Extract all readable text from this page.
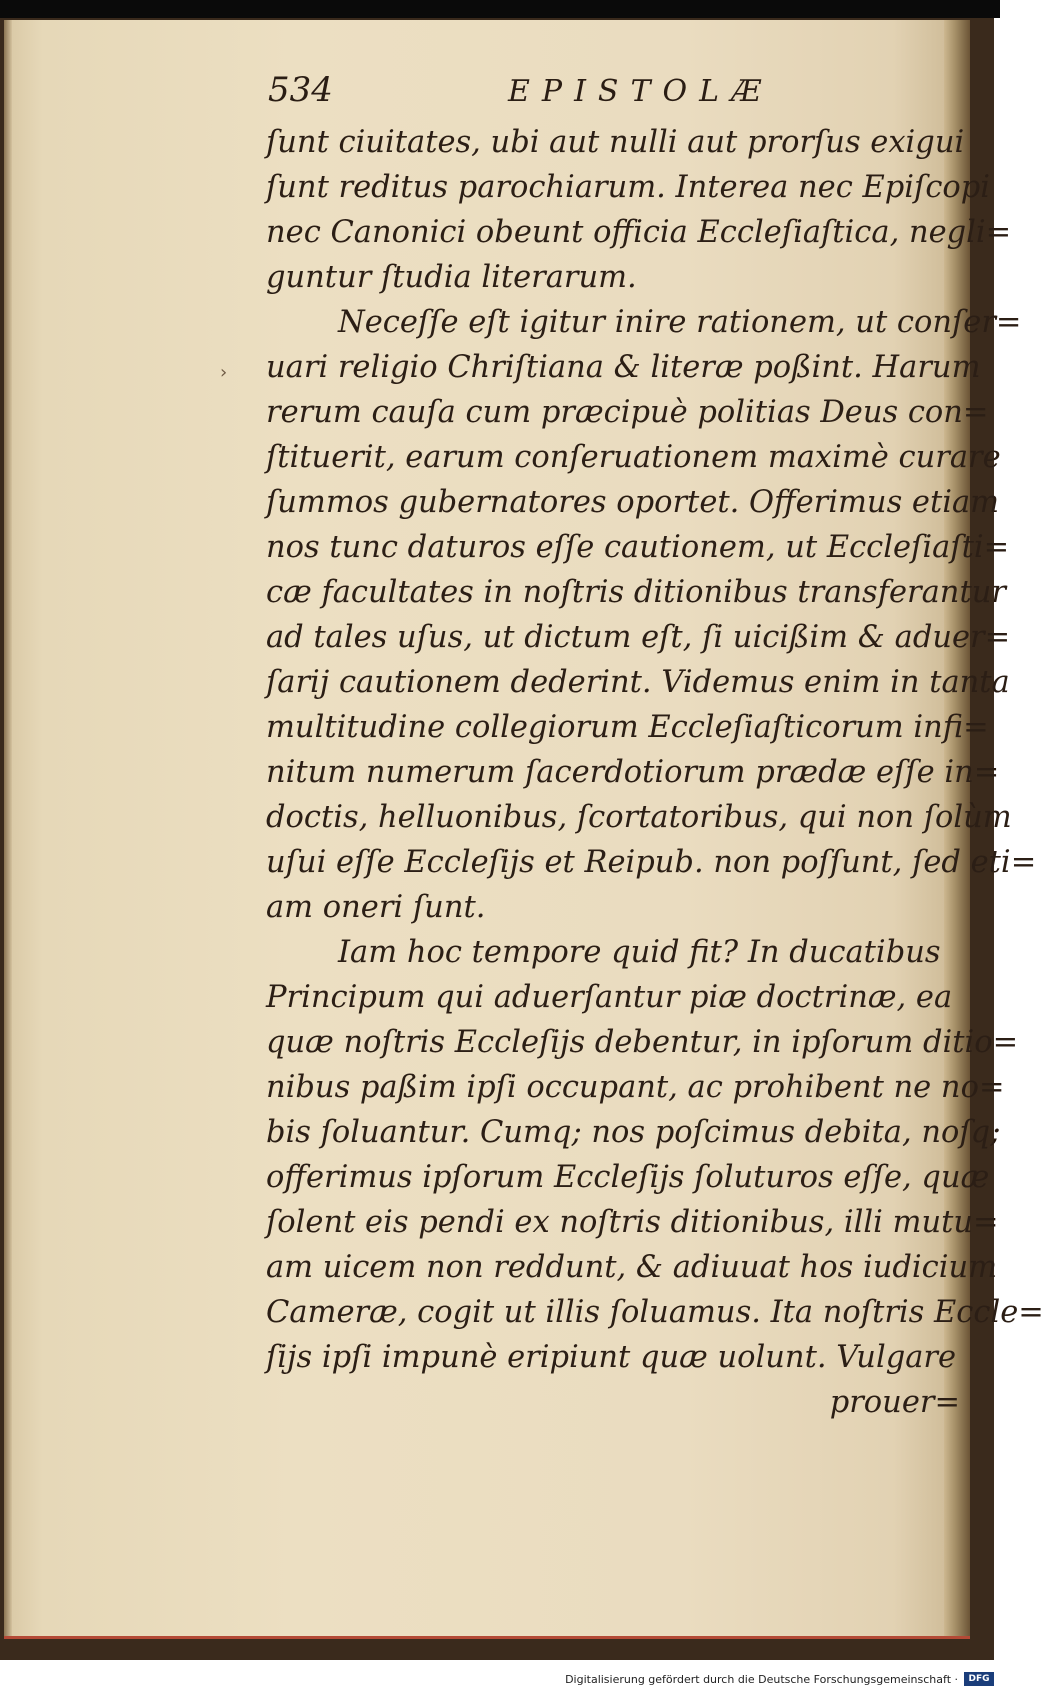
534	EPISTOLÆ
›
ſunt ciuitates, ubi aut nulli aut prorſus exigui
ſunt reditus parochiarum. Interea nec Epiſcopi
nec Canonici obeunt officia Eccleſiaſtica, negli=
guntur ſtudia literarum.
Neceſſe eſt igitur inire rationem, ut conſer=
uari religio Chriſtiana & literæ poßint. Harum
rerum cauſa cum præcipuè politias Deus con=
ſtituerit, earum conſeruationem maximè curare
ſummos gubernatores oportet. Offerimus etiam
nos tunc daturos eſſe cautionem, ut Eccleſiaſti=
cæ facultates in noſtris ditionibus transferantur
ad tales uſus, ut dictum eſt, ſi uicißim & aduer=
ſarij cautionem dederint. Videmus enim in tanta
multitudine collegiorum Eccleſiaſticorum infi=
nitum numerum ſacerdotiorum prædæ eſſe in=
doctis, helluonibus, ſcortatoribus, qui non ſolùm
uſui eſſe Eccleſijs et Reipub. non poſſunt, ſed eti=
am oneri ſunt.
Iam hoc tempore quid fit? In ducatibus
Principum qui aduerſantur piæ doctrinæ, ea
quæ noſtris Eccleſijs debentur, in ipſorum ditio=
nibus paßim ipſi occupant, ac prohibent ne no=
bis ſoluantur. Cumq; nos poſcimus debita, noſq;
offerimus ipſorum Eccleſijs ſoluturos eſſe, quæ
ſolent eis pendi ex noſtris ditionibus, illi mutu=
am uicem non reddunt, & adiuuat hos iudicium
Cameræ, cogit ut illis ſoluamus. Ita noſtris Eccle=
ſijs ipſi impunè eripiunt quæ uolunt. Vulgare
prouer=
Digitalisierung gefördert durch die Deutsche Forschungsgemeinschaft ·	DFG
